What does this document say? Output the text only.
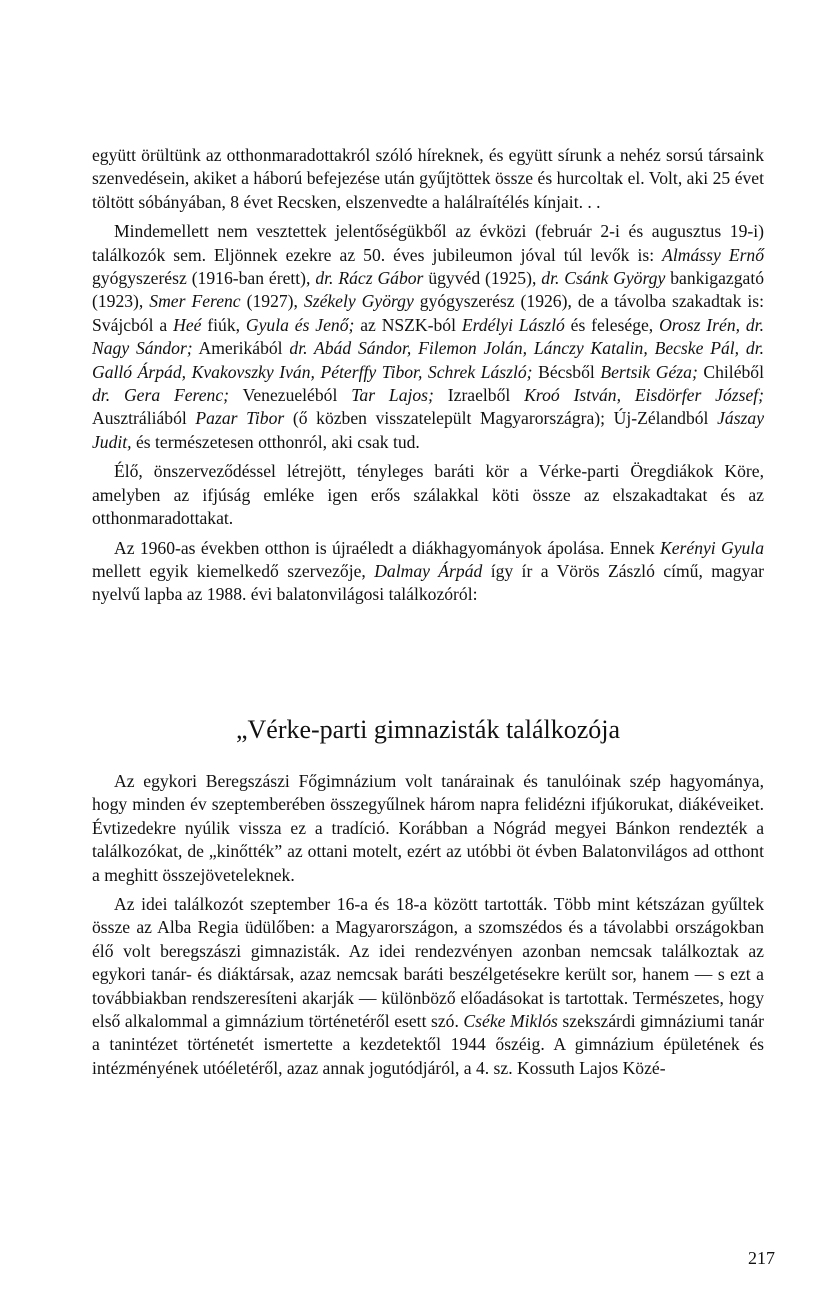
együtt örültünk az otthonmaradottakról szóló híreknek, és együtt sírunk a nehéz sorsú társaink szenvedésein, akiket a háború befejezése után gyűjtöttek össze és hurcoltak el. Volt, aki 25 évet töltött sóbányában, 8 évet Recsken, elszenvedte a halálraítélés kínjait. . .

Mindemellett nem vesztettek jelentőségükből az évközi (február 2-i és augusztus 19-i) találkozók sem. Eljönnek ezekre az 50. éves jubileumon jóval túl levők is: Almássy Ernő gyógyszerész (1916-ban érett), dr. Rácz Gábor ügyvéd (1925), dr. Csánk György bankigazgató (1923), Smer Ferenc (1927), Székely György gyógyszerész (1926), de a távolba szakadtak is: Svájcból a Heé fiúk, Gyula és Jenő; az NSZK-ból Erdélyi László és felesége, Orosz Irén, dr. Nagy Sándor; Amerikából dr. Abád Sándor, Filemon Jolán, Lánczy Katalin, Becske Pál, dr. Galló Árpád, Kvakovszky Iván, Péterffy Tibor, Schrek László; Bécsből Bertsik Géza; Chiléből dr. Gera Ferenc; Venezueléból Tar Lajos; Izraelből Kroó István, Eisdörfer József; Ausztráliából Pazar Tibor (ő közben visszatelepült Magyarországra); Új-Zélandból Jászay Judit, és természetesen otthonról, aki csak tud.

Élő, önszerveződéssel létrejött, tényleges baráti kör a Vérke-parti Öregdiákok Köre, amelyben az ifjúság emléke igen erős szálakkal köti össze az elszakadtakat és az otthonmaradottakat.

Az 1960-as években otthon is újraéledt a diákhagyományok ápolása. Ennek Kerényi Gyula mellett egyik kiemelkedő szervezője, Dalmay Árpád így ír a Vörös Zászló című, magyar nyelvű lapba az 1988. évi balatonvilágosi találkozóról:

„Vérke-parti gimnazisták találkozója

Az egykori Beregszászi Főgimnázium volt tanárainak és tanulóinak szép hagyománya, hogy minden év szeptemberében összegyűlnek három napra felidézni ifjúkorukat, diákéveiket. Évtizedekre nyúlik vissza ez a tradíció. Korábban a Nógrád megyei Bánkon rendezték a találkozókat, de „kinőtték” az ottani motelt, ezért az utóbbi öt évben Balatonvilágos ad otthont a meghitt összejöveteleknek.

Az idei találkozót szeptember 16-a és 18-a között tartották. Több mint kétszázan gyűltek össze az Alba Regia üdülőben: a Magyarországon, a szomszédos és a távolabbi országokban élő volt beregszászi gimnazisták. Az idei rendezvényen azonban nemcsak találkoztak az egykori tanár- és diáktársak, azaz nemcsak baráti beszélgetésekre került sor, hanem — s ezt a továbbiakban rendszeresíteni akarják — különböző előadásokat is tartottak. Természetes, hogy első alkalommal a gimnázium történetéről esett szó. Cséke Miklós szekszárdi gimnáziumi tanár a tanintézet történetét ismertette a kezdetektől 1944 őszéig. A gimnázium épületének és intézményének utóéletéről, azaz annak jogutódjáról, a 4. sz. Kossuth Lajos Közé-

217
